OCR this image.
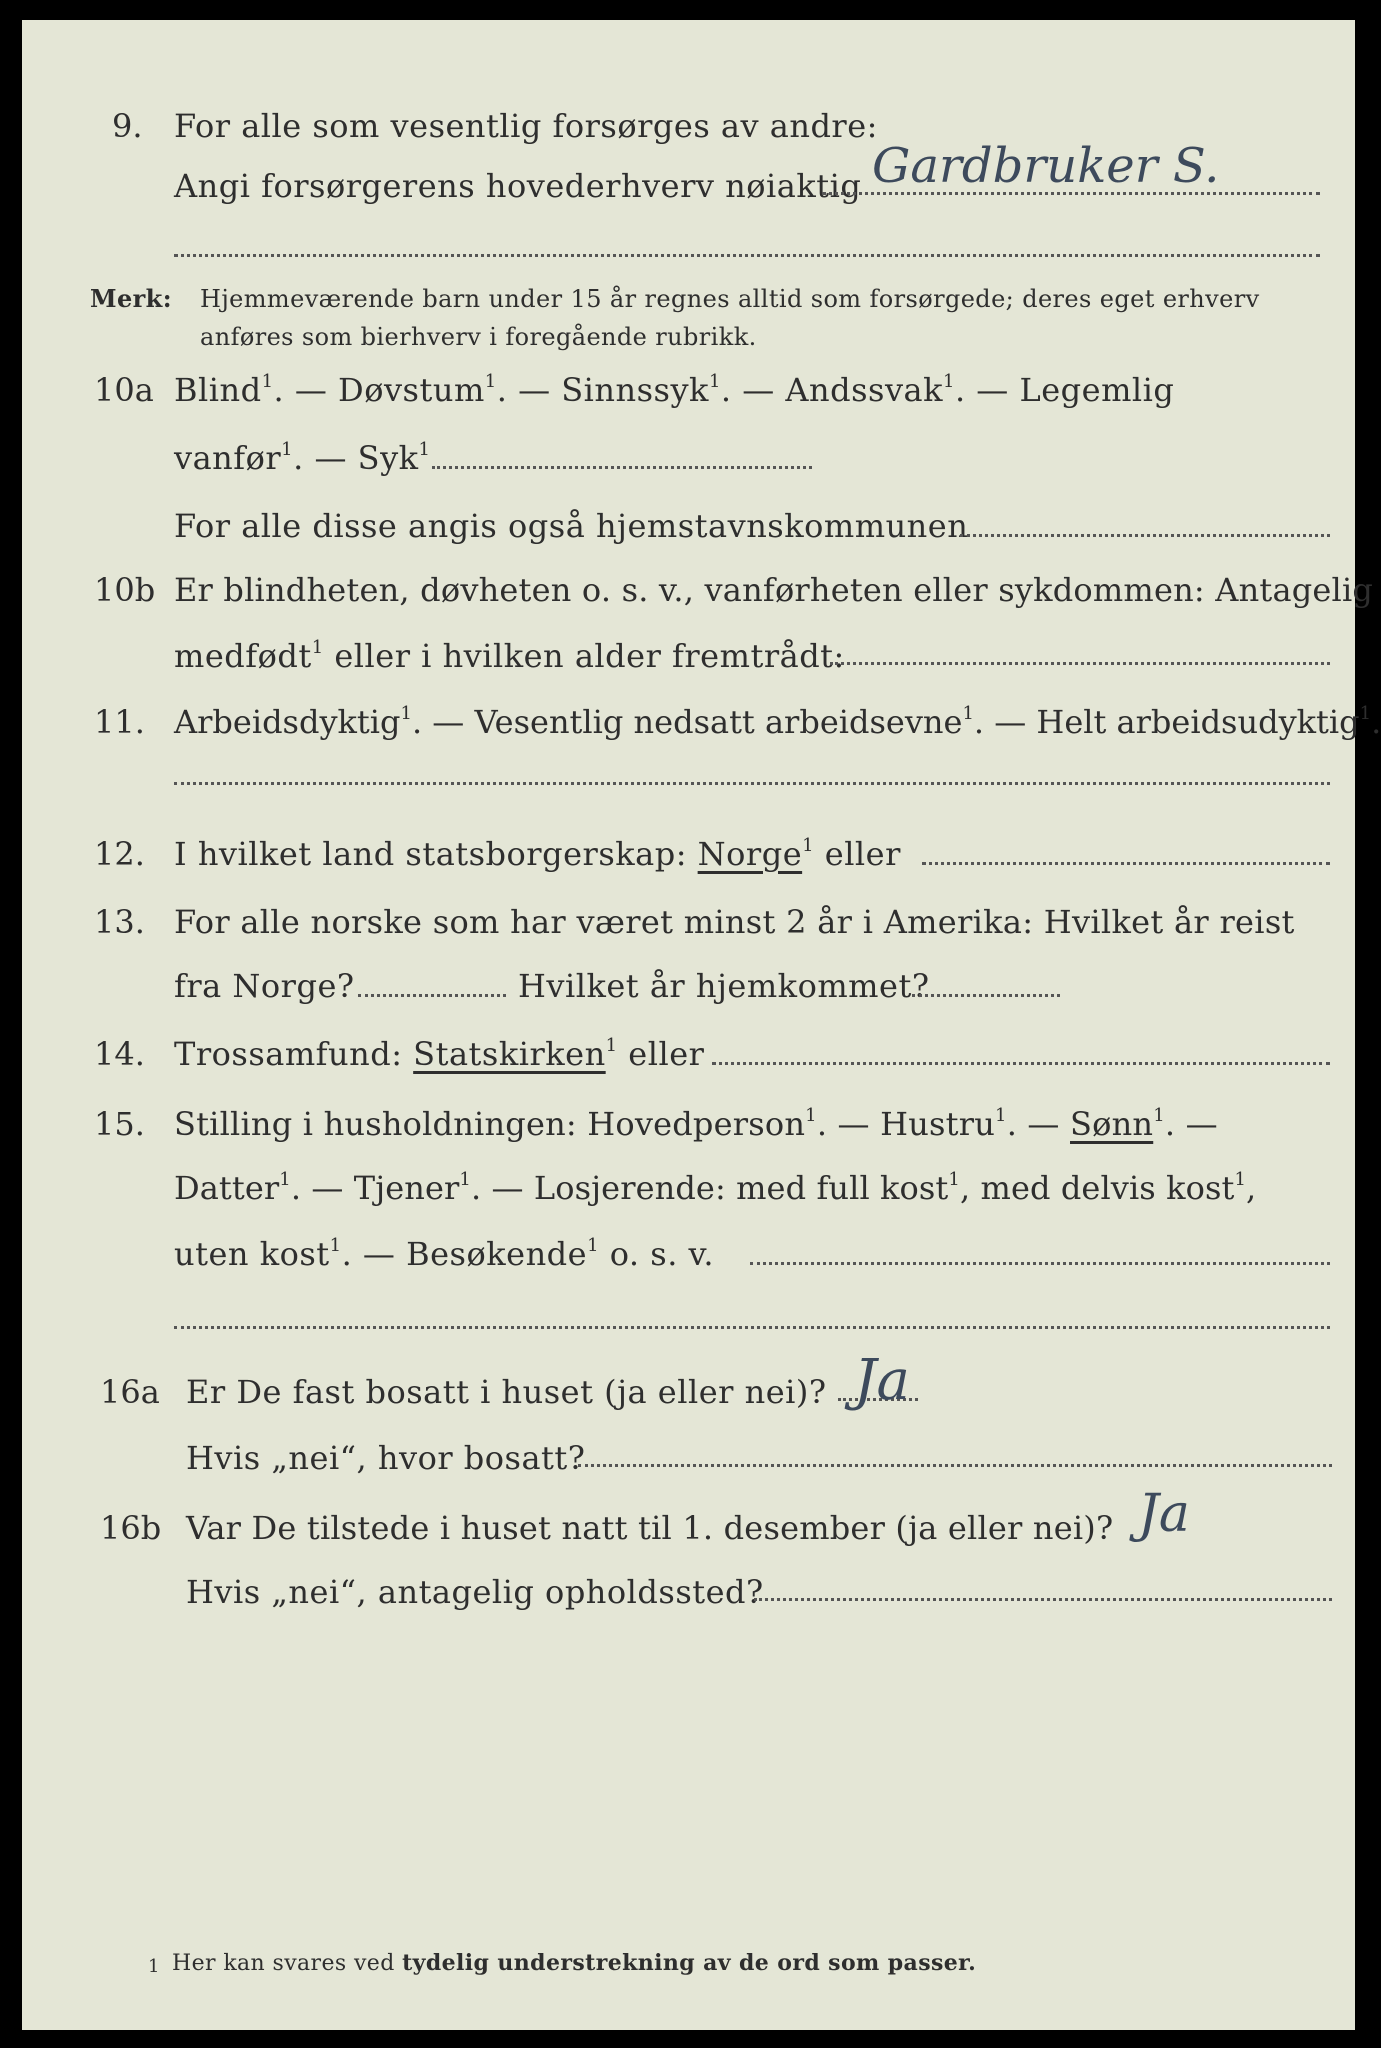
9. For alle som vesentlig forsørges av andre:
Angi forsørgerens hovederhverv nøiaktig Gardbruker S.
Merk: Hjemmeværende barn under 15 år regnes alltid som forsørgede; deres eget erhverv
anføres som bierhverv i foregående rubrikk.
10a Blind$^1$. — Døvstum$^1$. — Sinnssyk$^1$. — Andssvak$^1$. — Legemlig
vanfør$^1$. — Syk$^1$
For alle disse angis også hjemstavnskommunen
10b Er blindheten, døvheten o. s. v., vanførheten eller sykdommen: Antagelig
medfødt$^1$ eller i hvilken alder fremtrådt:
11. Arbeidsdyktig$^1$. — Vesentlig nedsatt arbeidsevne$^1$. — Helt arbeidsudyktig$^1$.
12. I hvilket land statsborgerskap: Norge$^1$ eller
13. For alle norske som har været minst 2 år i Amerika: Hvilket år reist
fra Norge?	Hvilket år hjemkommet?
14. Trossamfund: Statskirken$^1$ eller
15. Stilling i husholdningen: Hovedperson$^1$. — Hustru$^1$. — Sønn$^1$. —
Datter$^1$. — Tjener$^1$. — Losjerende: med full kost$^1$, med delvis kost$^1$,
uten kost$^1$. — Besøkende$^1$ o. s. v.
16a Er De fast bosatt i huset (ja eller nei)? Ja
Hvis „nei“, hvor bosatt?
16b Var De tilstede i huset natt til 1. desember (ja eller nei)? Ja
Hvis „nei“, antagelig opholdssted?
1 Her kan svares ved tydelig understrekning av de ord som passer.
